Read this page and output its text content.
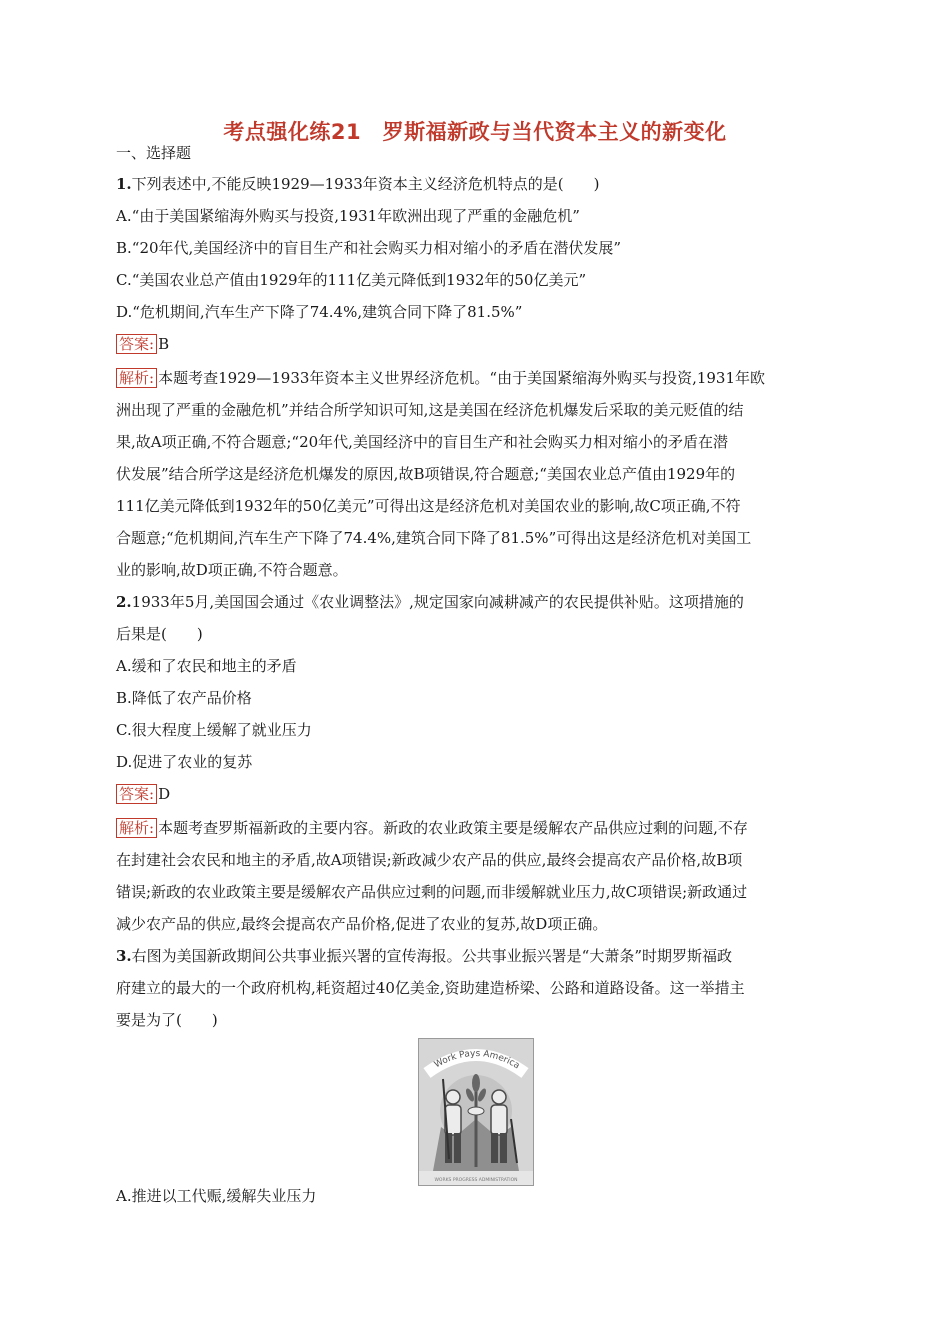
考点强化练21　罗斯福新政与当代资本主义的新变化
一、选择题
1.下列表述中,不能反映1929—1933年资本主义经济危机特点的是(　　)
A.“由于美国紧缩海外购买与投资,1931年欧洲出现了严重的金融危机”
B.“20年代,美国经济中的盲目生产和社会购买力相对缩小的矛盾在潜伏发展”
C.“美国农业总产值由1929年的111亿美元降低到1932年的50亿美元”
D.“危机期间,汽车生产下降了74.4%,建筑合同下降了81.5%”
答案: B
解析: 本题考查1929—1933年资本主义世界经济危机。“由于美国紧缩海外购买与投资,1931年欧
洲出现了严重的金融危机”并结合所学知识可知,这是美国在经济危机爆发后采取的美元贬值的结
果,故A项正确,不符合题意;“20年代,美国经济中的盲目生产和社会购买力相对缩小的矛盾在潜
伏发展”结合所学这是经济危机爆发的原因,故B项错误,符合题意;“美国农业总产值由1929年的
111亿美元降低到1932年的50亿美元”可得出这是经济危机对美国农业的影响,故C项正确,不符
合题意;“危机期间,汽车生产下降了74.4%,建筑合同下降了81.5%”可得出这是经济危机对美国工
业的影响,故D项正确,不符合题意。
2.1933年5月,美国国会通过《农业调整法》,规定国家向减耕减产的农民提供补贴。这项措施的
后果是(　　)
A.缓和了农民和地主的矛盾
B.降低了农产品价格
C.很大程度上缓解了就业压力
D.促进了农业的复苏
答案: D
解析: 本题考查罗斯福新政的主要内容。新政的农业政策主要是缓解农产品供应过剩的问题,不存
在封建社会农民和地主的矛盾,故A项错误;新政减少农产品的供应,最终会提高农产品价格,故B项
错误;新政的农业政策主要是缓解农产品供应过剩的问题,而非缓解就业压力,故C项错误;新政通过
减少农产品的供应,最终会提高农产品价格,促进了农业的复苏,故D项正确。
3.右图为美国新政期间公共事业振兴署的宣传海报。公共事业振兴署是“大萧条”时期罗斯福政
府建立的最大的一个政府机构,耗资超过40亿美金,资助建造桥梁、公路和道路设备。这一举措主
要是为了(　　)
Work Pays America
WORKS PROGRESS ADMINISTRATION
A.推进以工代赈,缓解失业压力
